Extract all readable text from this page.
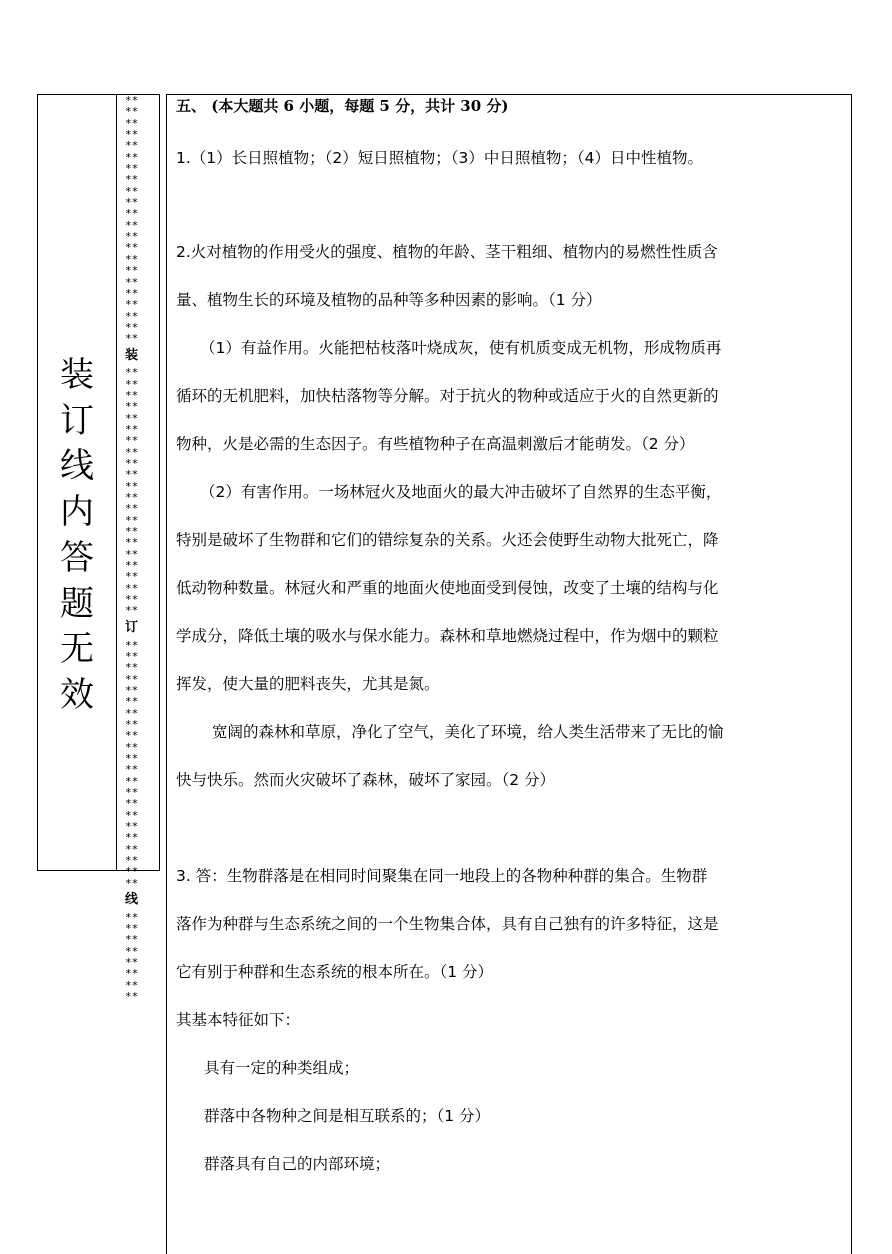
装
订
线
内
答
题
无
效
**
**
**
**
**
**
**
**
**
**
**
**
**
**
**
**
**
**
**
**
**
**
装
**
**
**
**
**
**
**
**
**
**
**
**
**
**
**
**
**
**
**
**
**
**
订
**
**
**
**
**
**
**
**
**
**
**
**
**
**
**
**
**
**
**
**
**
**
线
**
**
**
**
**
**
**
**
五、 (本大题共 6 小题，每题 5 分，共计 30 分)
1.（1）长日照植物；（2）短日照植物；（3）中日照植物；（4）日中性植物。
2.火对植物的作用受火的强度、植物的年龄、茎干粗细、植物内的易燃性性质含
量、植物生长的环境及植物的品种等多种因素的影响。（1 分）
（1）有益作用。火能把枯枝落叶烧成灰，使有机质变成无机物，形成物质再
循环的无机肥料，加快枯落物等分解。对于抗火的物种或适应于火的自然更新的
物种，火是必需的生态因子。有些植物种子在高温刺激后才能萌发。（2 分）
（2）有害作用。一场林冠火及地面火的最大冲击破坏了自然界的生态平衡，
特别是破坏了生物群和它们的错综复杂的关系。火还会使野生动物大批死亡，降
低动物种数量。林冠火和严重的地面火使地面受到侵蚀，改变了土壤的结构与化
学成分，降低土壤的吸水与保水能力。森林和草地燃烧过程中，作为烟中的颗粒
挥发，使大量的肥料丧失，尤其是氮。
宽阔的森林和草原，净化了空气，美化了环境，给人类生活带来了无比的愉
快与快乐。然而火灾破坏了森林，破坏了家园。（2 分）
3. 答：生物群落是在相同时间聚集在同一地段上的各物种种群的集合。生物群
落作为种群与生态系统之间的一个生物集合体，具有自己独有的许多特征，这是
它有别于种群和生态系统的根本所在。（1 分）
其基本特征如下：
具有一定的种类组成；
群落中各物种之间是相互联系的；（1 分）
群落具有自己的内部环境；
